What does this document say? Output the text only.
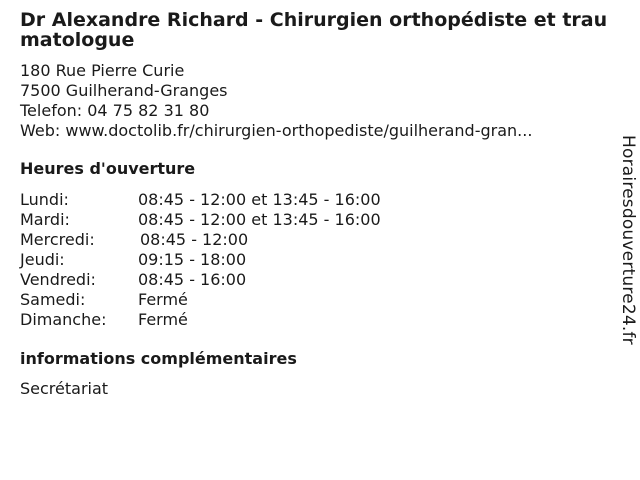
Dr Alexandre Richard - Chirurgien orthopédiste et traumatologue
180 Rue Pierre Curie
7500 Guilherand-Granges
Telefon: 04 75 82 31 80
Web: www.doctolib.fr/chirurgien-orthopediste/guilherand-gran...
Heures d'ouverture
Lundi:	08:45 - 12:00 et 13:45 - 16:00
Mardi:	08:45 - 12:00 et 13:45 - 16:00
Mercredi:	08:45 - 12:00
Jeudi:	09:15 - 18:00
Vendredi:	08:45 - 16:00
Samedi:	Fermé
Dimanche: Fermé
informations complémentaires
Secrétariat
Horairesdouverture24.fr
